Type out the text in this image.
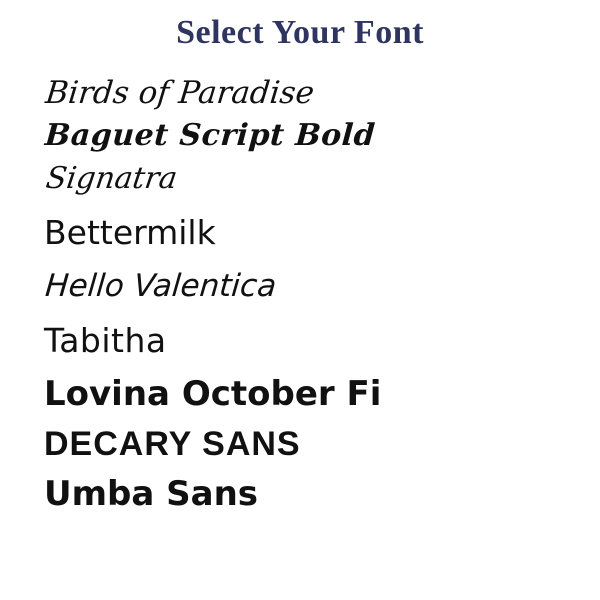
Select Your Font
Birds of Paradise
Baguet Script Bold
Signatra
Bettermilk
Hello Valentica
Tabitha
Lovina October Fi
DECARY SANS
Umba Sans
